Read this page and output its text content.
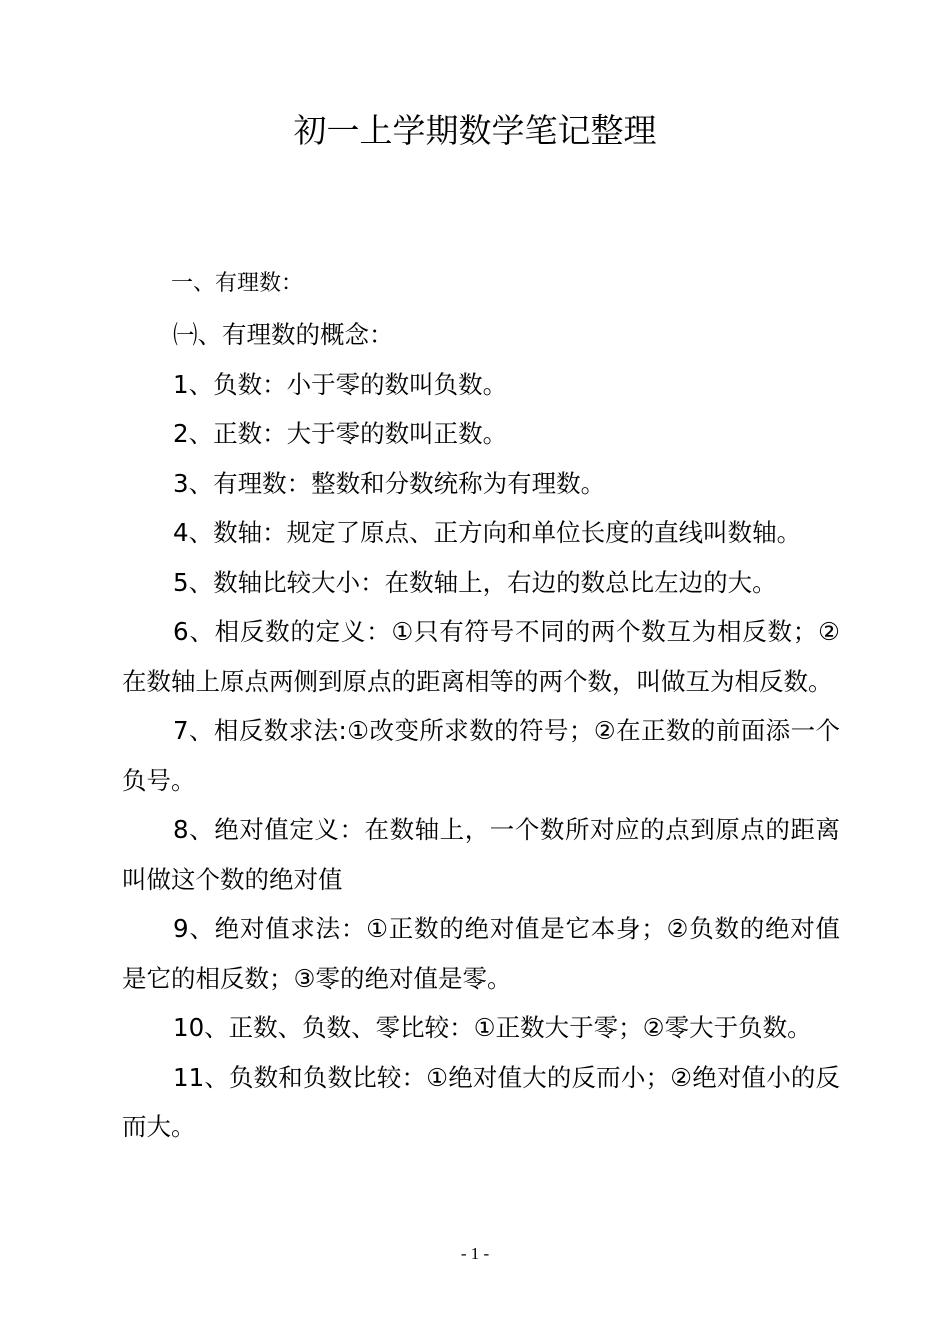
初一上学期数学笔记整理
一、有理数：

㈠、有理数的概念：

1、负数：小于零的数叫负数。

2、正数：大于零的数叫正数。

3、有理数：整数和分数统称为有理数。

4、数轴：规定了原点、正方向和单位长度的直线叫数轴。

5、数轴比较大小：在数轴上，右边的数总比左边的大。

6、相反数的定义：①只有符号不同的两个数互为相反数；②在数轴上原点两侧到原点的距离相等的两个数，叫做互为相反数。

7、相反数求法:①改变所求数的符号；②在正数的前面添一个负号。

8、绝对值定义：在数轴上，一个数所对应的点到原点的距离叫做这个数的绝对值

9、绝对值求法：①正数的绝对值是它本身；②负数的绝对值是它的相反数；③零的绝对值是零。

10、正数、负数、零比较：①正数大于零；②零大于负数。

11、负数和负数比较：①绝对值大的反而小；②绝对值小的反而大。

- 1 -
